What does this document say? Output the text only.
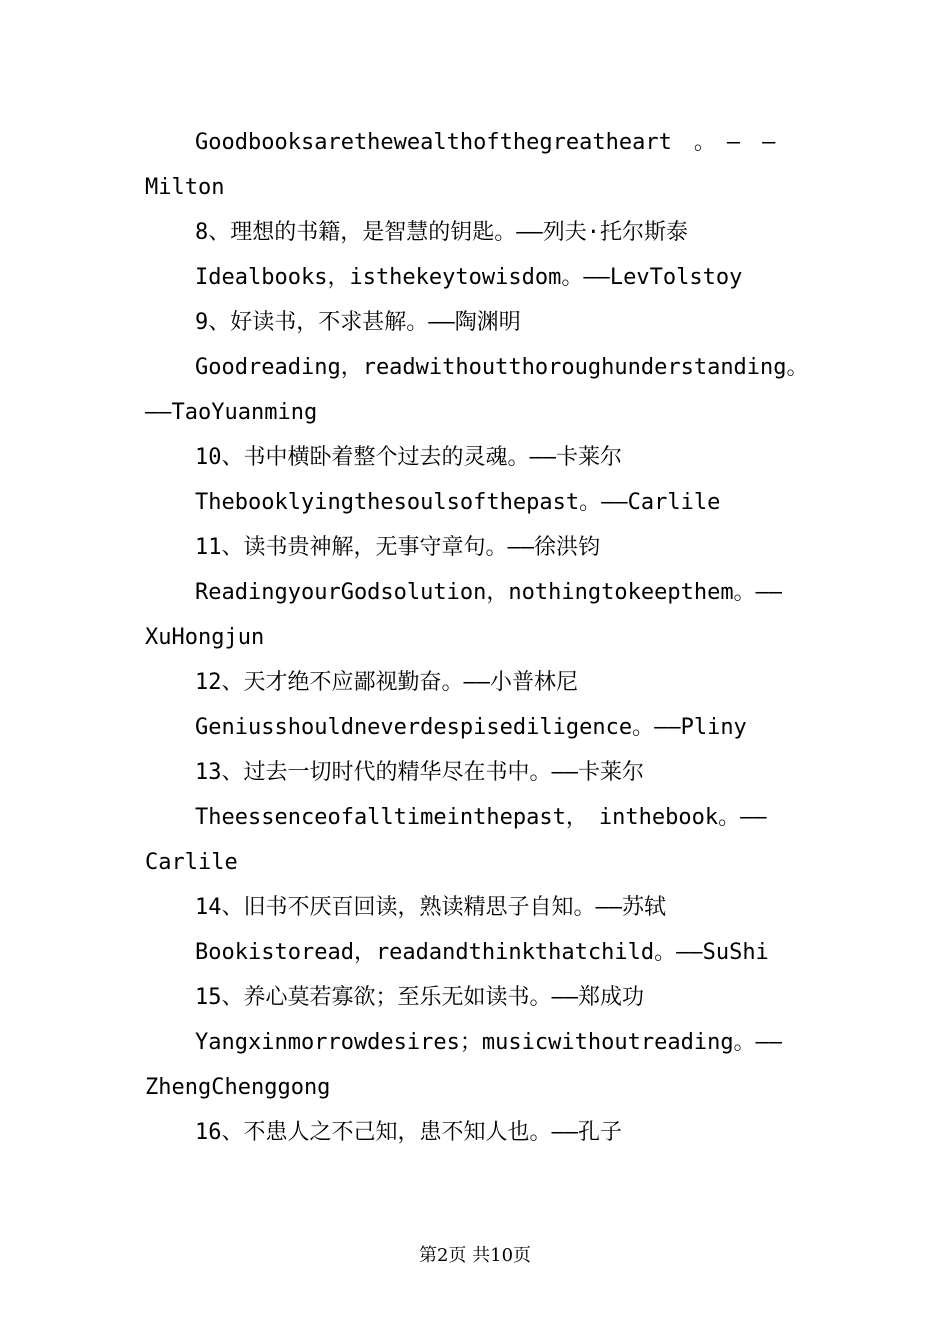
Goodbooksarethewealthofthegreatheart　。　—　—
Milton
8、理想的书籍，是智慧的钥匙。——列夫·托尔斯泰
Idealbooks，isthekeytowisdom。——LevTolstoy
9、好读书，不求甚解。——陶渊明
Goodreading，readwithoutthoroughunderstanding。
——TaoYuanming
10、书中横卧着整个过去的灵魂。——卡莱尔
Thebooklyingthesoulsofthepast。——Carlile
11、读书贵神解，无事守章句。——徐洪钧
ReadingyourGodsolution，nothingtokeepthem。——
XuHongjun
12、天才绝不应鄙视勤奋。——小普林尼
Geniusshouldneverdespisediligence。——Pliny
13、过去一切时代的精华尽在书中。——卡莱尔
Theessenceofalltimeinthepast，　inthebook。——
Carlile
14、旧书不厌百回读，熟读精思子自知。——苏轼
Bookistoread，readandthinkthatchild。——SuShi
15、养心莫若寡欲；至乐无如读书。——郑成功
Yangxinmorrowdesires；musicwithoutreading。——
ZhengChenggong
16、不患人之不己知，患不知人也。——孔子
第2页 共10页
